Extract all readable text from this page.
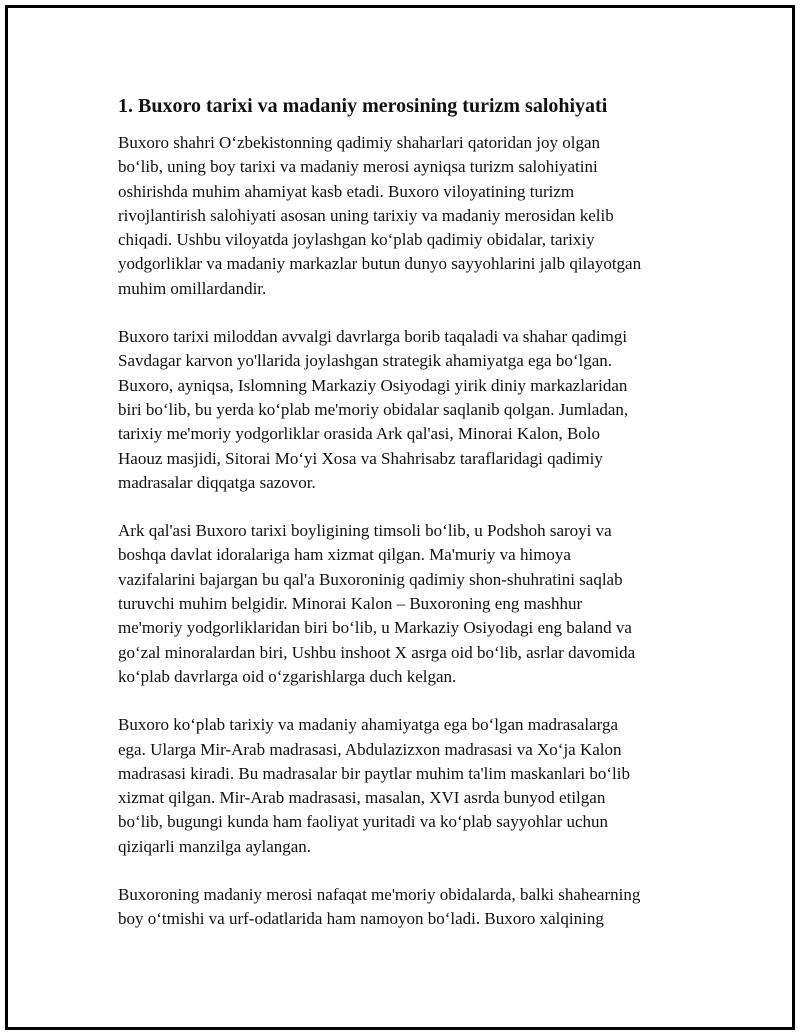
1. Buxoro tarixi va madaniy merosining turizm salohiyati

Buxoro shahri O‘zbekistonning qadimiy shaharlari qatoridan joy olgan
bo‘lib, uning boy tarixi va madaniy merosi ayniqsa turizm salohiyatini
oshirishda muhim ahamiyat kasb etadi. Buxoro viloyatining turizm
rivojlantirish salohiyati asosan uning tarixiy va madaniy merosidan kelib
chiqadi. Ushbu viloyatda joylashgan ko‘plab qadimiy obidalar, tarixiy
yodgorliklar va madaniy markazlar butun dunyo sayyohlarini jalb qilayotgan
muhim omillardandir.

Buxoro tarixi miloddan avvalgi davrlarga borib taqaladi va shahar qadimgi
Savdagar karvon yo'llarida joylashgan strategik ahamiyatga ega bo‘lgan.
Buxoro, ayniqsa, Islomning Markaziy Osiyodagi yirik diniy markazlaridan
biri bo‘lib, bu yerda ko‘plab me'moriy obidalar saqlanib qolgan. Jumladan,
tarixiy me'moriy yodgorliklar orasida Ark qal'asi, Minorai Kalon, Bolo
Haouz masjidi, Sitorai Mo‘yi Xosa va Shahrisabz taraflaridagi qadimiy
madrasalar diqqatga sazovor.

Ark qal'asi Buxoro tarixi boyligining timsoli bo‘lib, u Podshoh saroyi va
boshqa davlat idoralariga ham xizmat qilgan. Ma'muriy va himoya
vazifalarini bajargan bu qal'a Buxoroninig qadimiy shon-shuhratini saqlab
turuvchi muhim belgidir. Minorai Kalon – Buxoroning eng mashhur
me'moriy yodgorliklaridan biri bo‘lib, u Markaziy Osiyodagi eng baland va
go‘zal minoralardan biri, Ushbu inshoot X asrga oid bo‘lib, asrlar davomida
ko‘plab davrlarga oid o‘zgarishlarga duch kelgan.

Buxoro ko‘plab tarixiy va madaniy ahamiyatga ega bo‘lgan madrasalarga
ega. Ularga Mir-Arab madrasasi, Abdulazizxon madrasasi va Xo‘ja Kalon
madrasasi kiradi. Bu madrasalar bir paytlar muhim ta'lim maskanlari bo‘lib
xizmat qilgan. Mir-Arab madrasasi, masalan, XVI asrda bunyod etilgan
bo‘lib, bugungi kunda ham faoliyat yuritadi va ko‘plab sayyohlar uchun
qiziqarli manzilga aylangan.

Buxoroning madaniy merosi nafaqat me'moriy obidalarda, balki shahearning
boy o‘tmishi va urf-odatlarida ham namoyon bo‘ladi. Buxoro xalqining
